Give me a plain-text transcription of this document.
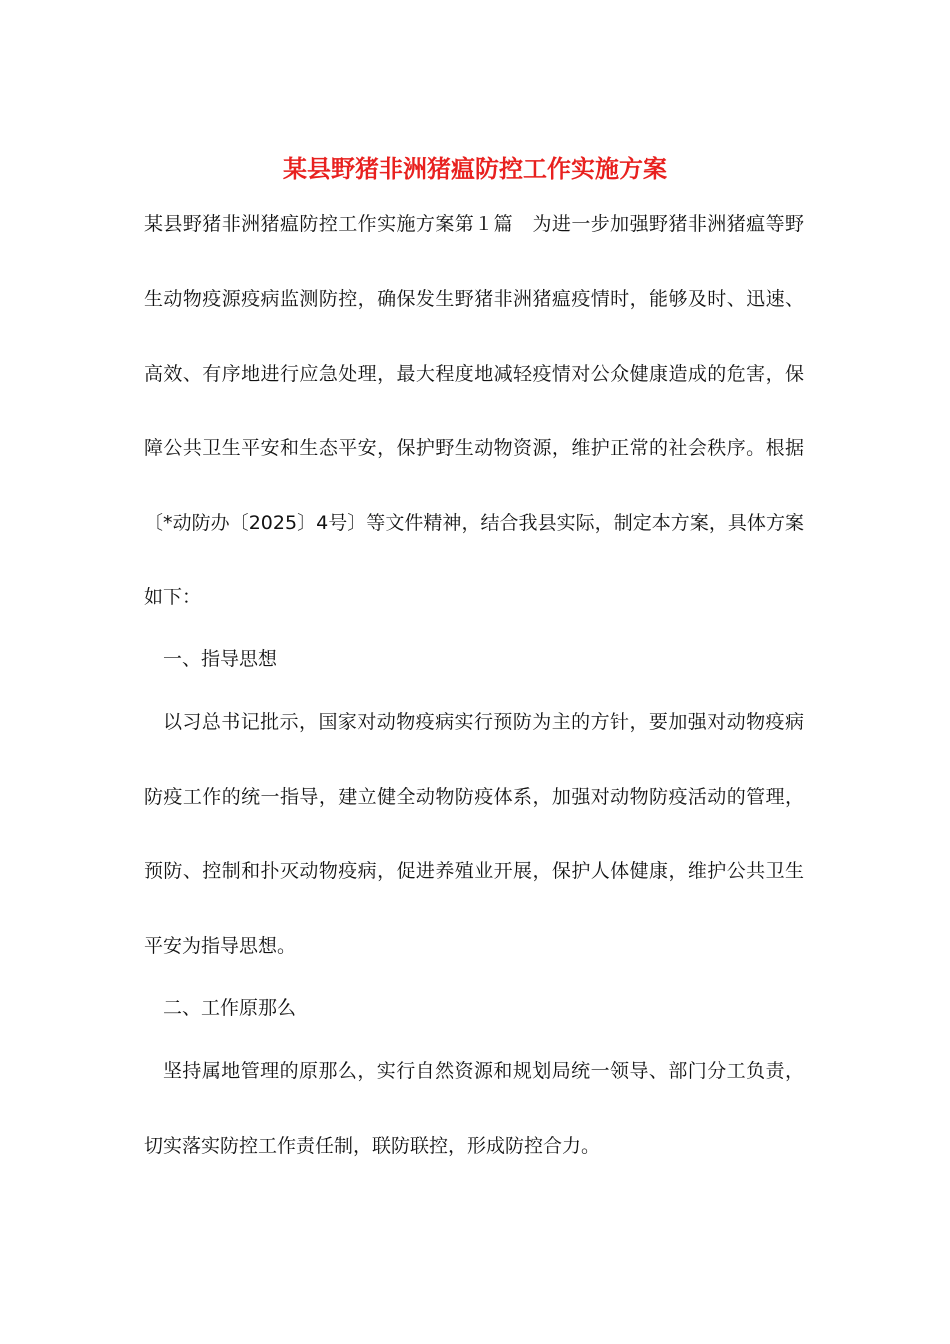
某县野猪非洲猪瘟防控工作实施方案

某县野猪非洲猪瘟防控工作实施方案第１篇　为进一步加强野猪非洲猪瘟等野

生动物疫源疫病监测防控，确保发生野猪非洲猪瘟疫情时，能够及时、迅速、

高效、有序地进行应急处理，最大程度地减轻疫情对公众健康造成的危害，保

障公共卫生平安和生态平安，保护野生动物资源，维护正常的社会秩序。根据

〔*动防办〔2025〕4号〕等文件精神，结合我县实际，制定本方案，具体方案

如下：

一、指导思想

以习总书记批示，国家对动物疫病实行预防为主的方针，要加强对动物疫病

防疫工作的统一指导，建立健全动物防疫体系，加强对动物防疫活动的管理，

预防、控制和扑灭动物疫病，促进养殖业开展，保护人体健康，维护公共卫生

平安为指导思想。

二、工作原那么

坚持属地管理的原那么，实行自然资源和规划局统一领导、部门分工负责，

切实落实防控工作责任制，联防联控，形成防控合力。
